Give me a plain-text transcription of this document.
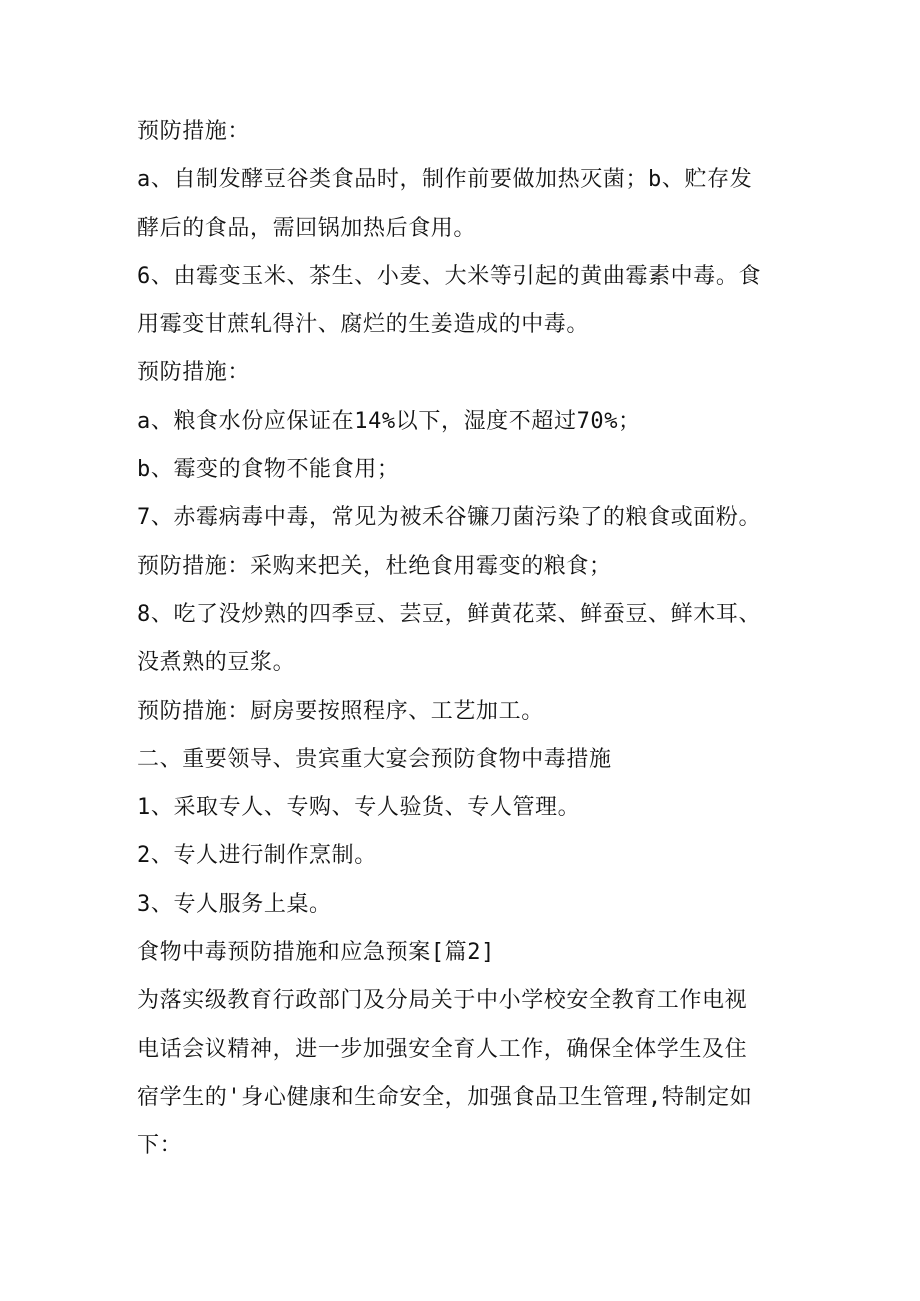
预防措施：
a、自制发酵豆谷类食品时，制作前要做加热灭菌；b、贮存发
酵后的食品，需回锅加热后食用。
6、由霉变玉米、茶生、小麦、大米等引起的黄曲霉素中毒。食
用霉变甘蔗轧得汁、腐烂的生姜造成的中毒。
预防措施：
a、粮食水份应保证在14%以下，湿度不超过70%；
b、霉变的食物不能食用；
7、赤霉病毒中毒，常见为被禾谷镰刀菌污染了的粮食或面粉。
预防措施：采购来把关，杜绝食用霉变的粮食；
8、吃了没炒熟的四季豆、芸豆，鲜黄花菜、鲜蚕豆、鲜木耳、
没煮熟的豆浆。
预防措施：厨房要按照程序、工艺加工。
二、重要领导、贵宾重大宴会预防食物中毒措施
1、采取专人、专购、专人验货、专人管理。
2、专人进行制作烹制。
3、专人服务上桌。
食物中毒预防措施和应急预案[篇2]
为落实级教育行政部门及分局关于中小学校安全教育工作电视
电话会议精神，进一步加强安全育人工作，确保全体学生及住
宿学生的'身心健康和生命安全，加强食品卫生管理,特制定如
下：
